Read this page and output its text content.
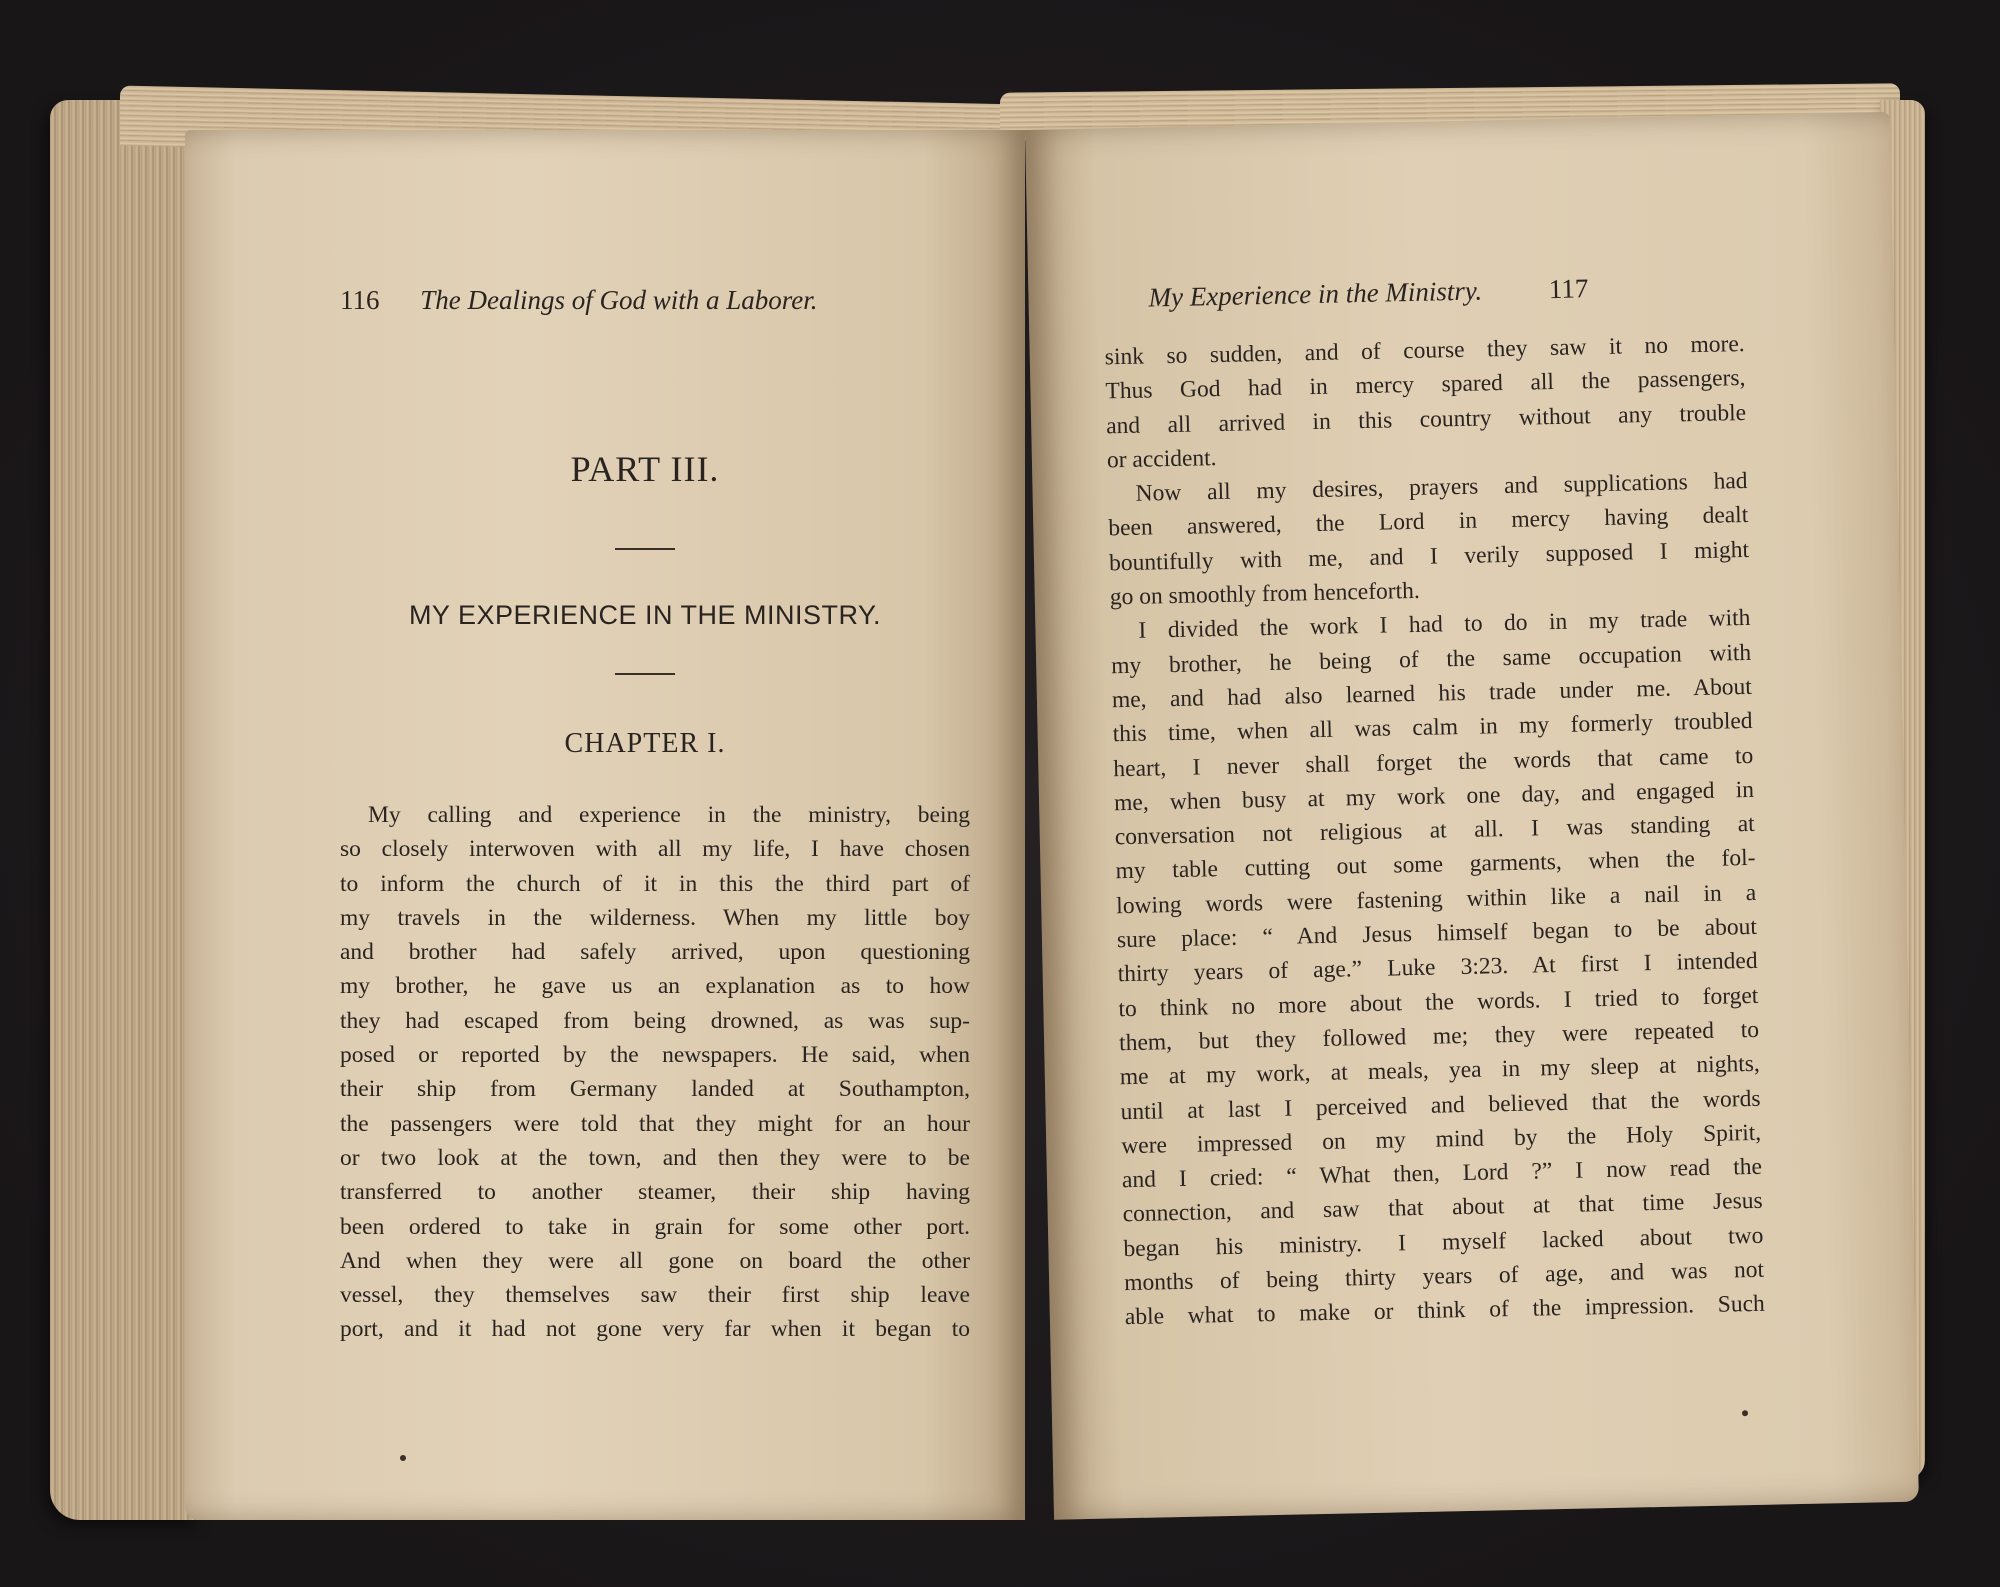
116 The Dealings of God with a Laborer.
PART III.
MY EXPERIENCE IN THE MINISTRY.
CHAPTER I.
My calling and experience in the ministry, being
so closely interwoven with all my life, I have chosen
to inform the church of it in this the third part of
my travels in the wilderness. When my little boy
and brother had safely arrived, upon questioning
my brother, he gave us an explanation as to how
they had escaped from being drowned, as was sup-
posed or reported by the newspapers. He said, when
their ship from Germany landed at Southampton,
the passengers were told that they might for an hour
or two look at the town, and then they were to be
transferred to another steamer, their ship having
been ordered to take in grain for some other port.
And when they were all gone on board the other
vessel, they themselves saw their first ship leave
port, and it had not gone very far when it began to
My Experience in the Ministry. 117
sink so sudden, and of course they saw it no more.
Thus God had in mercy spared all the passengers,
and all arrived in this country without any trouble
or accident.
Now all my desires, prayers and supplications had
been answered, the Lord in mercy having dealt
bountifully with me, and I verily supposed I might
go on smoothly from henceforth.
I divided the work I had to do in my trade with
my brother, he being of the same occupation with
me, and had also learned his trade under me. About
this time, when all was calm in my formerly troubled
heart, I never shall forget the words that came to
me, when busy at my work one day, and engaged in
conversation not religious at all. I was standing at
my table cutting out some garments, when the fol-
lowing words were fastening within like a nail in a
sure place: “ And Jesus himself began to be about
thirty years of age.” Luke 3:23. At first I intended
to think no more about the words. I tried to forget
them, but they followed me; they were repeated to
me at my work, at meals, yea in my sleep at nights,
until at last I perceived and believed that the words
were impressed on my mind by the Holy Spirit,
and I cried: “ What then, Lord ?” I now read the
connection, and saw that about at that time Jesus
began his ministry. I myself lacked about two
months of being thirty years of age, and was not
able what to make or think of the impression. Such
